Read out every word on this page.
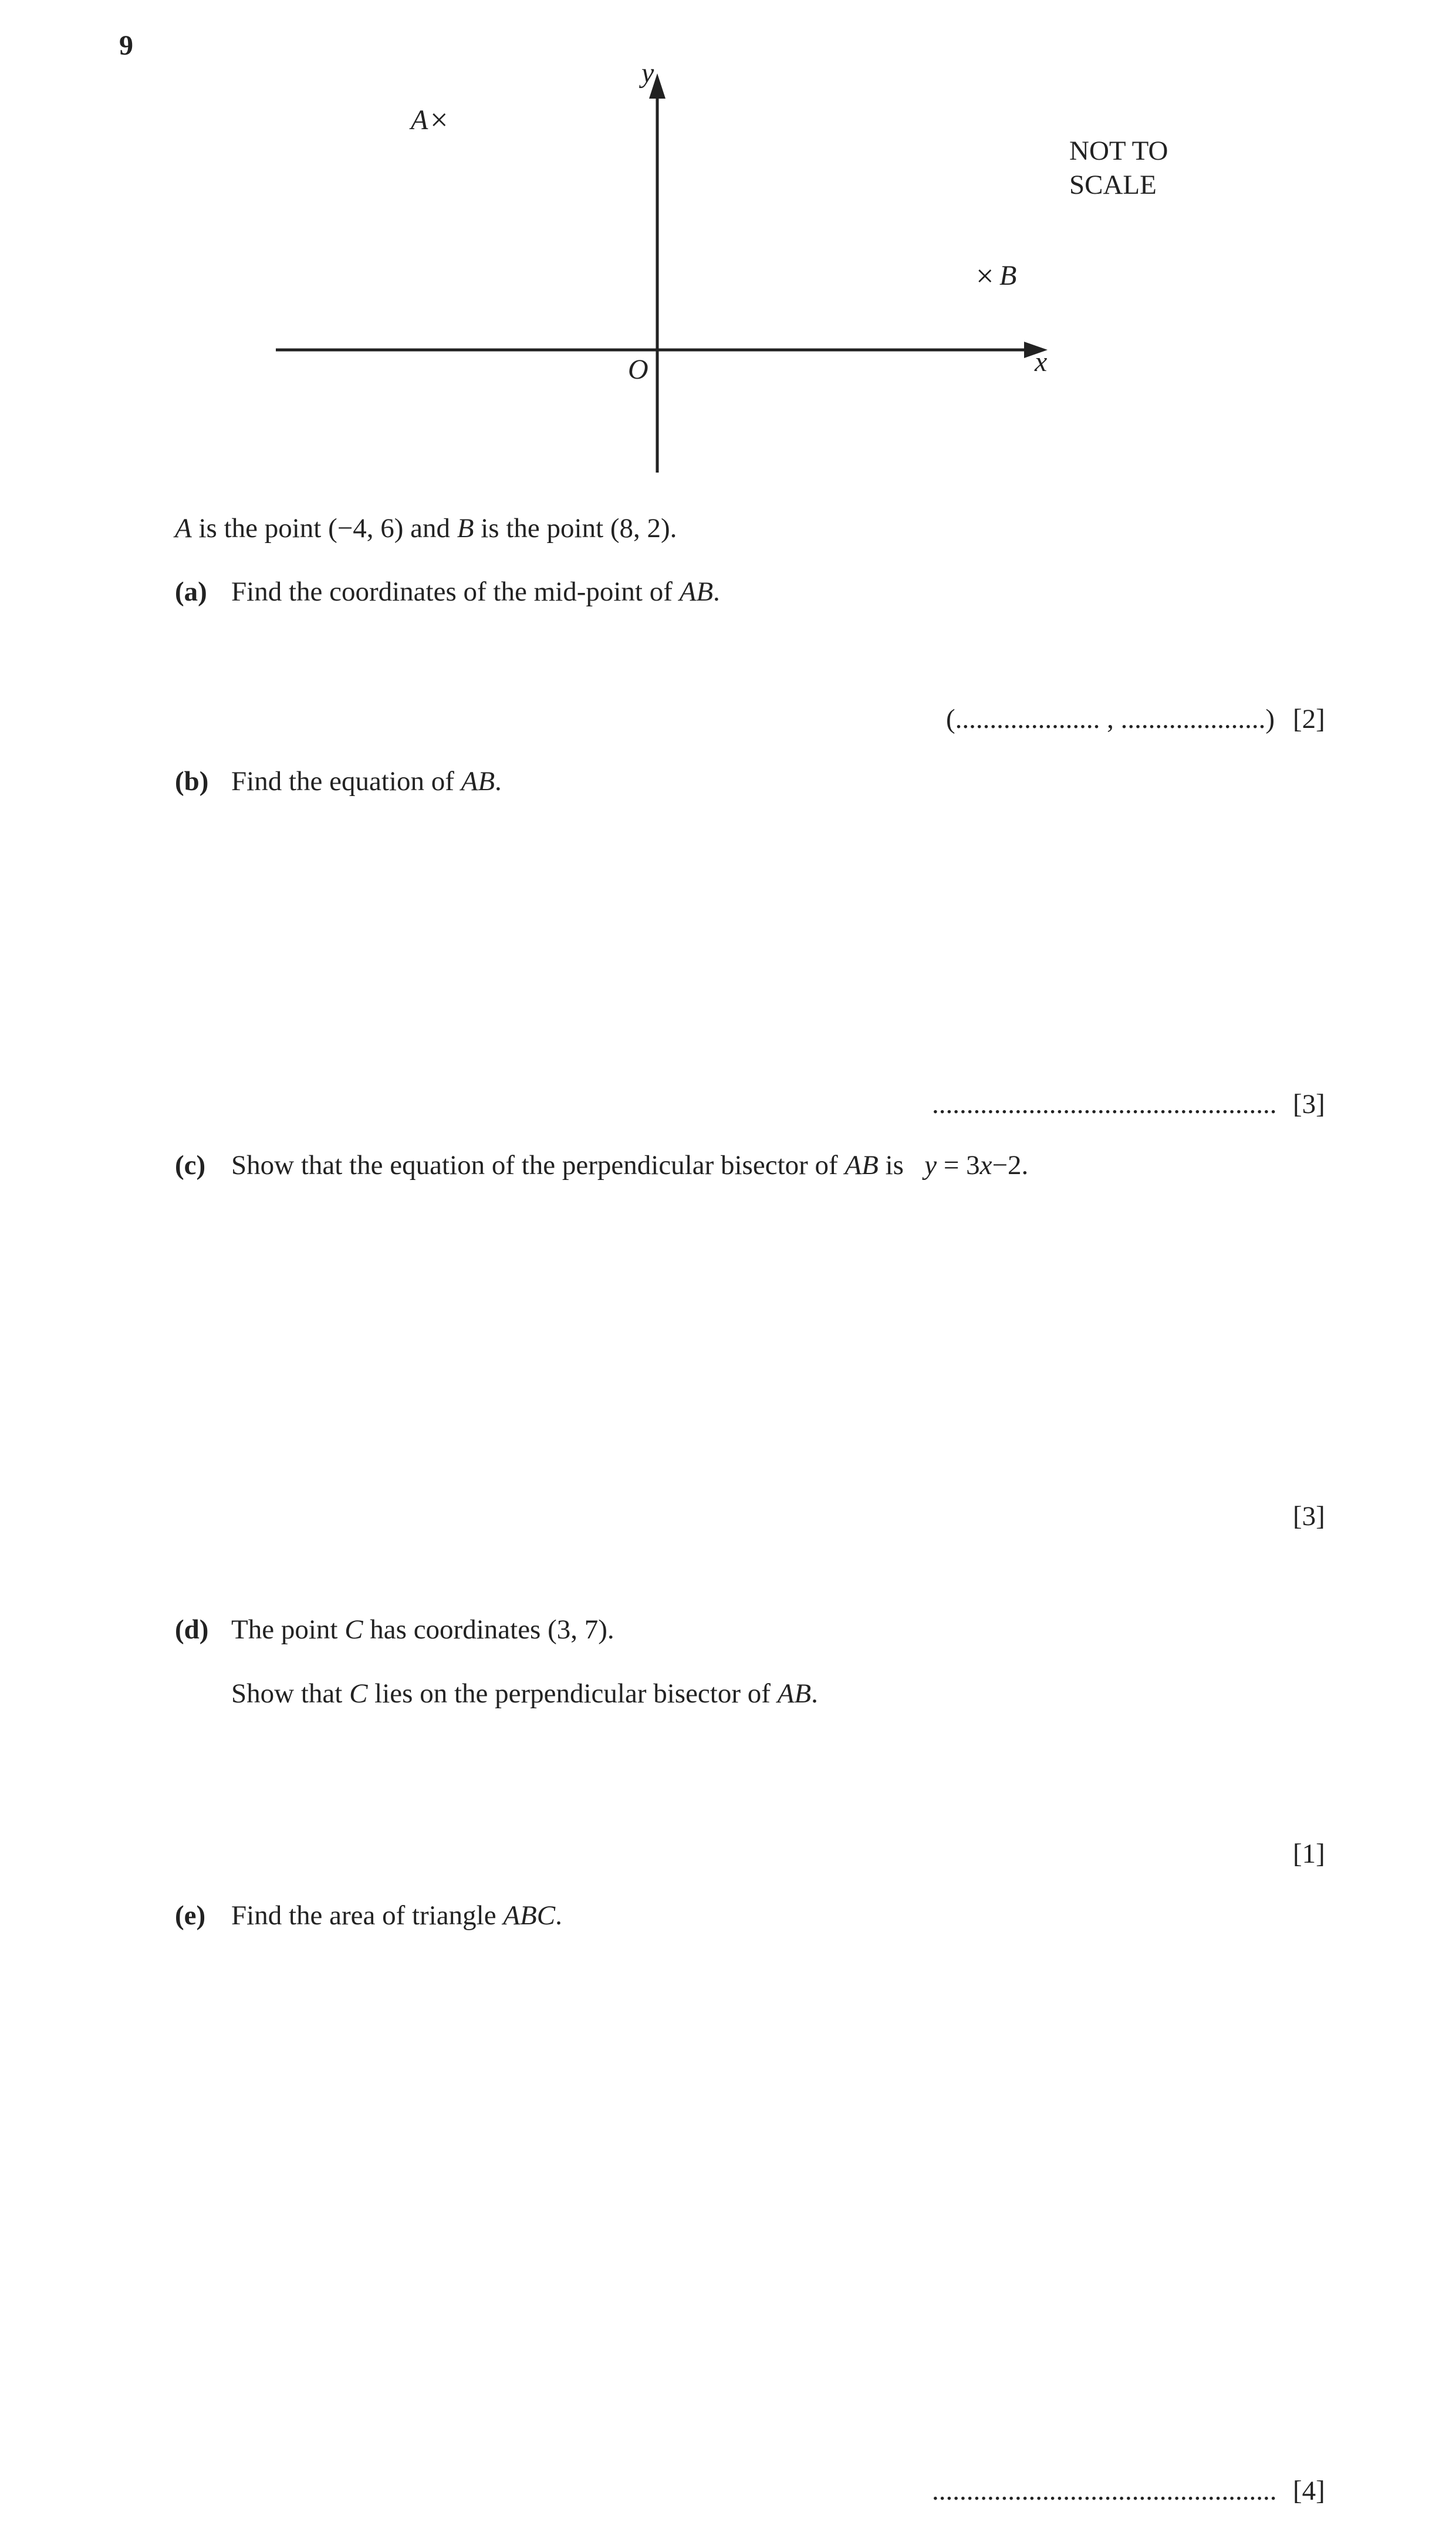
9
y
x
O
A ×
× B
NOT TO
SCALE
A is the point (−4, 6) and B is the point (8, 2).
(a) Find the coordinates of the mid-point of AB.
(..................... , .....................) [2]
(b) Find the equation of AB.
.................................................. [3]
(c) Show that the equation of the perpendicular bisector of AB is   y = 3x−2.
[3]
(d) The point C has coordinates (3, 7).
Show that C lies on the perpendicular bisector of AB.
[1]
(e) Find the area of triangle ABC.
.................................................. [4]
